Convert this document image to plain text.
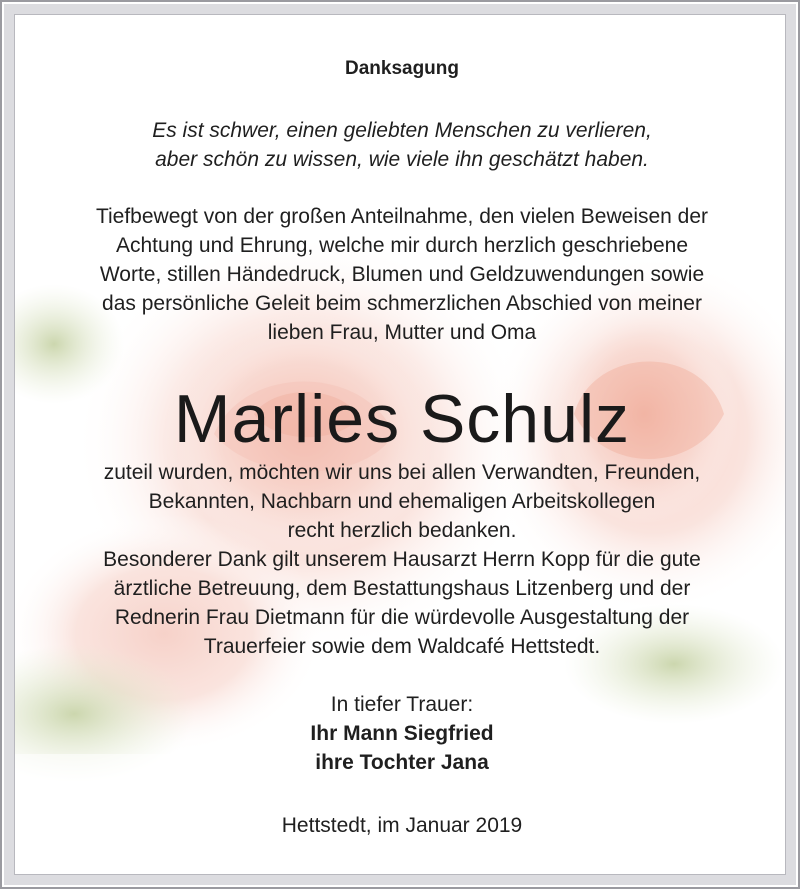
Danksagung
Es ist schwer, einen geliebten Menschen zu verlieren,
aber schön zu wissen, wie viele ihn geschätzt haben.
Tiefbewegt von der großen Anteilnahme, den vielen Beweisen der
Achtung und Ehrung, welche mir durch herzlich geschriebene
Worte, stillen Händedruck, Blumen und Geldzuwendungen sowie
das persönliche Geleit beim schmerzlichen Abschied von meiner
lieben Frau, Mutter und Oma
Marlies Schulz
zuteil wurden, möchten wir uns bei allen Verwandten, Freunden,
Bekannten, Nachbarn und ehemaligen Arbeitskollegen
recht herzlich bedanken.
Besonderer Dank gilt unserem Hausarzt Herrn Kopp für die gute
ärztliche Betreuung, dem Bestattungshaus Litzenberg und der
Rednerin Frau Dietmann für die würdevolle Ausgestaltung der
Trauerfeier sowie dem Waldcafé Hettstedt.
In tiefer Trauer:
Ihr Mann Siegfried
ihre Tochter Jana
Hettstedt, im Januar 2019
